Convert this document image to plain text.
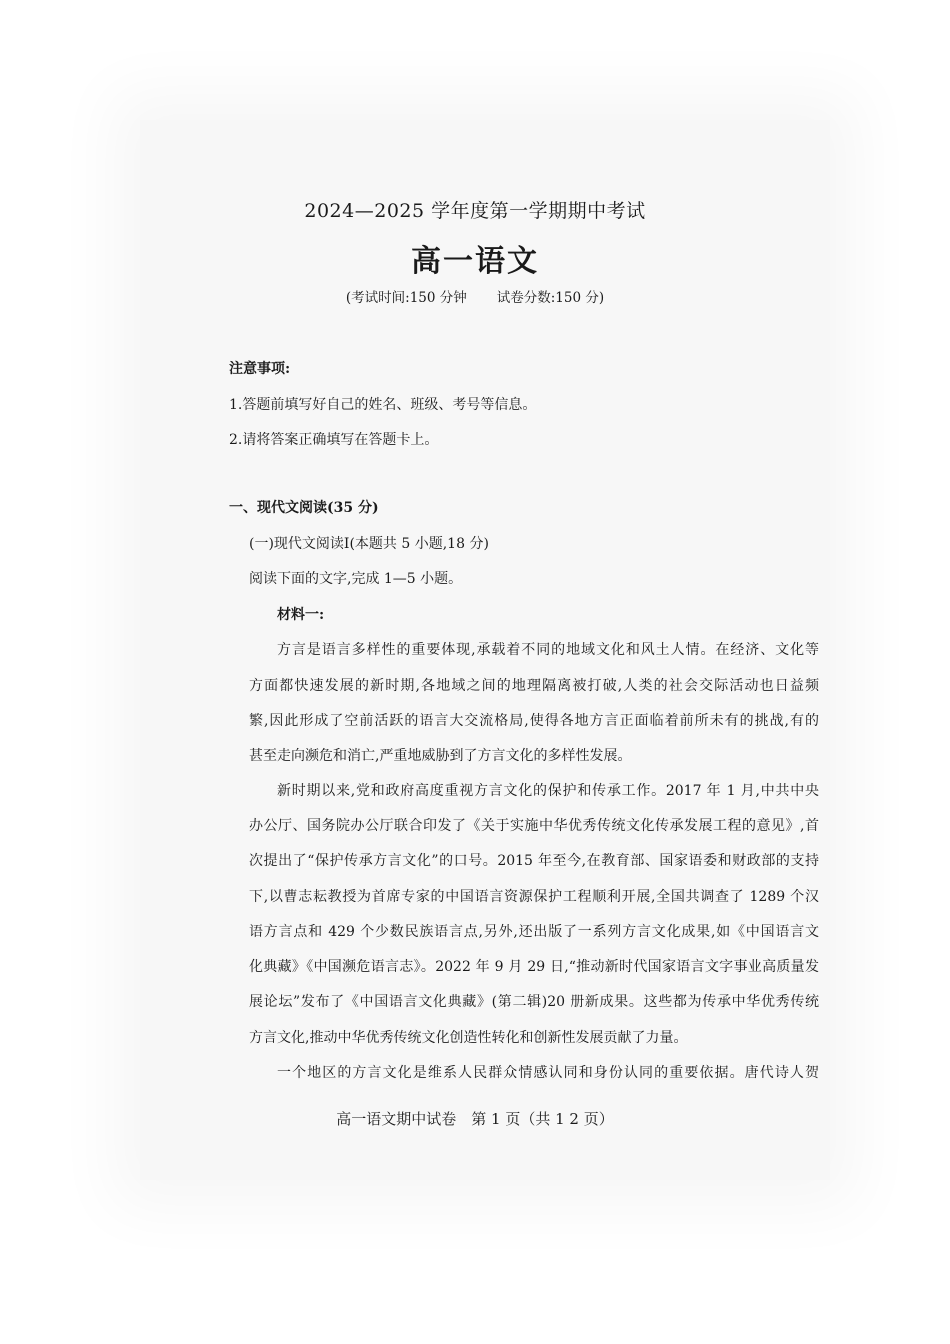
2024—2025 学年度第一学期期中考试
高一语文
(考试时间:150 分钟 试卷分数:150 分)
注意事项:
1.答题前填写好自己的姓名、班级、考号等信息。
2.请将答案正确填写在答题卡上。
一、现代文阅读(35 分)
(一)现代文阅读Ⅰ(本题共 5 小题,18 分)
阅读下面的文字,完成 1—5 小题。
材料一:
方言是语言多样性的重要体现,承载着不同的地域文化和风土人情。在经济、文化等
方面都快速发展的新时期,各地域之间的地理隔离被打破,人类的社会交际活动也日益频
繁,因此形成了空前活跃的语言大交流格局,使得各地方言正面临着前所未有的挑战,有的
甚至走向濒危和消亡,严重地威胁到了方言文化的多样性发展。
新时期以来,党和政府高度重视方言文化的保护和传承工作。2017 年 1 月,中共中央
办公厅、国务院办公厅联合印发了《关于实施中华优秀传统文化传承发展工程的意见》,首
次提出了“保护传承方言文化”的口号。2015 年至今,在教育部、国家语委和财政部的支持
下,以曹志耘教授为首席专家的中国语言资源保护工程顺利开展,全国共调查了 1289 个汉
语方言点和 429 个少数民族语言点,另外,还出版了一系列方言文化成果,如《中国语言文
化典藏》《中国濒危语言志》。2022 年 9 月 29 日,“推动新时代国家语言文字事业高质量发
展论坛”发布了《中国语言文化典藏》(第二辑)20 册新成果。这些都为传承中华优秀传统
方言文化,推动中华优秀传统文化创造性转化和创新性发展贡献了力量。
一个地区的方言文化是维系人民群众情感认同和身份认同的重要依据。唐代诗人贺
高一语文期中试卷　第 1 页（共 1 2 页）
